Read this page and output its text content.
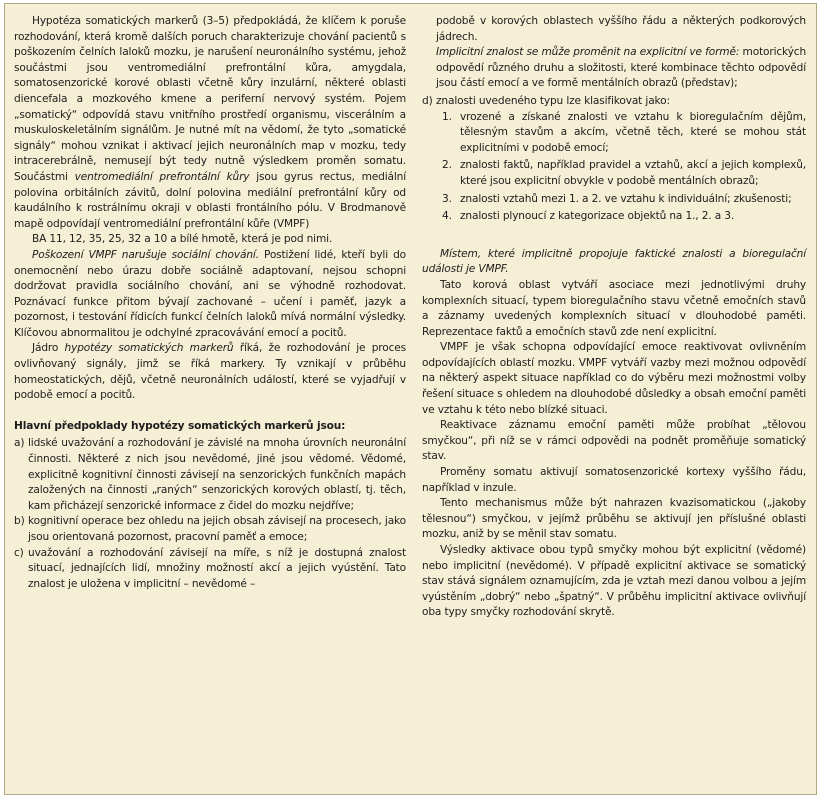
Hypotéza somatických markerů (3–5) předpokládá, že klíčem k poruše rozhodování, která kromě dalších poruch charakterizuje chování pacientů s poškozením čelních laloků mozku, je narušení neuronálního systému, jehož součástmi jsou ventromediální prefrontální kůra, amygdala, somatosenzorické korové oblasti včetně kůry inzulární, některé oblasti diencefala a mozkového kmene a periferní nervový systém. Pojem „somatický“ odpovídá stavu vnitřního prostředí organismu, viscerálním a muskuloskeletálním signálům. Je nutné mít na vědomí, že tyto „somatické signály“ mohou vznikat i aktivací jejich neuronálních map v mozku, tedy intracerebrálně, nemusejí být tedy nutně výsledkem proměn somatu. Součástmi ventromediální prefrontální kůry jsou gyrus rectus, mediální polovina orbitálních závitů, dolní polovina mediální prefrontální kůry od kaudálního k rostrálnímu okraji v oblasti frontálního pólu. V Brodmanově mapě odpovídají ventromediální prefrontální kůře (VMPF)

BA 11, 12, 35, 25, 32 a 10 a bílé hmotě, která je pod nimi.

Poškození VMPF narušuje sociální chování. Postižení lidé, kteří byli do onemocnění nebo úrazu dobře sociálně adaptovaní, nejsou schopni dodržovat pravidla sociálního chování, ani se výhodně rozhodovat. Poznávací funkce přitom bývají zachované – učení i paměť, jazyk a pozornost, i testování řídicích funkcí čelních laloků mívá normální výsledky. Klíčovou abnormalitou je odchylné zpracovávání emocí a pocitů.

Jádro hypotézy somatických markerů říká, že rozhodování je proces ovlivňovaný signály, jimž se říká markery. Ty vznikají v průběhu homeostatických, dějů, včetně neuronálních událostí, které se vyjadřují v podobě emocí a pocitů.

Hlavní předpoklady hypotézy somatických markerů jsou:

a) lidské uvažování a rozhodování je závislé na mnoha úrovních neuronální činnosti. Některé z nich jsou nevědomé, jiné jsou vědomé. Vědomé, explicitně kognitivní činnosti závisejí na senzorických funkčních mapách založených na činnosti „raných“ senzorických korových oblastí, tj. těch, kam přicházejí senzorické informace z čidel do mozku nejdříve;
b) kognitivní operace bez ohledu na jejich obsah závisejí na procesech, jako jsou orientovaná pozornost, pracovní paměť a emoce;
c) uvažování a rozhodování závisejí na míře, s níž je dostupná znalost situací, jednajících lidí, množiny možností akcí a jejich vyústění. Tato znalost je uložena v implicitní – nevědomé –

podobě v korových oblastech vyššího řádu a některých podkorových jádrech.

Implicitní znalost se může proměnit na explicitní ve formě: motorických odpovědí různého druhu a složitosti, které kombinace těchto odpovědí jsou částí emocí a ve formě mentálních obrazů (představ);

d) znalosti uvedeného typu lze klasifikovat jako:
1. vrozené a získané znalosti ve vztahu k bioregulačním dějům, tělesným stavům a akcím, včetně těch, které se mohou stát explicitními v podobě emocí;
2. znalosti faktů, například pravidel a vztahů, akcí a jejich komplexů, které jsou explicitní obvykle v podobě mentálních obrazů;
3. znalosti vztahů mezi 1. a 2. ve vztahu k individuální; zkušenosti;
4. znalosti plynoucí z kategorizace objektů na 1., 2. a 3.

Místem, které implicitně propojuje faktické znalosti a bioregulační události je VMPF.

Tato korová oblast vytváří asociace mezi jednotlivými druhy komplexních situací, typem bioregulačního stavu včetně emočních stavů a záznamy uvedených komplexních situací v dlouhodobé paměti. Reprezentace faktů a emočních stavů zde není explicitní.

VMPF je však schopna odpovídající emoce reaktivovat ovlivněním odpovídajících oblastí mozku. VMPF vytváří vazby mezi možnou odpovědí na některý aspekt situace například co do výběru mezi možnostmi volby řešení situace s ohledem na dlouhodobé důsledky a obsah emoční paměti ve vztahu k této nebo blízké situaci.

Reaktivace záznamu emoční paměti může probíhat „tělovou smyčkou“, při níž se v rámci odpovědi na podnět proměňuje somatický stav.

Proměny somatu aktivují somatosenzorické kortexy vyššího řádu, například v inzule.

Tento mechanismus může být nahrazen kvazisomatickou („jakoby tělesnou“) smyčkou, v jejímž průběhu se aktivují jen příslušné oblasti mozku, aniž by se měnil stav somatu.

Výsledky aktivace obou typů smyčky mohou být explicitní (vědomé) nebo implicitní (nevědomé). V případě explicitní aktivace se somatický stav stává signálem oznamujícím, zda je vztah mezi danou volbou a jejím vyústěním „dobrý“ nebo „špatný“. V průběhu implicitní aktivace ovlivňují oba typy smyčky rozhodování skrytě.
